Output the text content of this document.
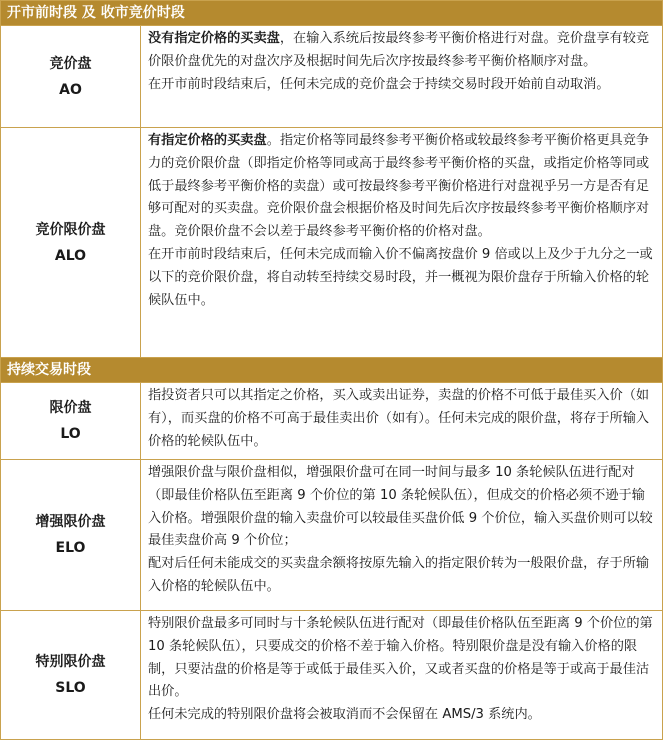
开市前时段 及 收市竞价时段
竞价盘
AO

没有指定价格的买卖盘，在输入系统后按最终参考平衡价格进行对盘。竞价盘享有较竞价限价盘优先的对盘次序及根据时间先后次序按最终参考平衡价格顺序对盘。

在开市前时段结束后，任何未完成的竞价盘会于持续交易时段开始前自动取消。

竞价限价盘
ALO

有指定价格的买卖盘。指定价格等同最终参考平衡价格或较最终参考平衡价格更具竞争力的竞价限价盘（即指定价格等同或高于最终参考平衡价格的买盘，或指定价格等同或低于最终参考平衡价格的卖盘）或可按最终参考平衡价格进行对盘视乎另一方是否有足够可配对的买卖盘。竞价限价盘会根据价格及时间先后次序按最终参考平衡价格顺序对盘。竞价限价盘不会以差于最终参考平衡价格的价格对盘。

在开市前时段结束后，任何未完成而输入价不偏离按盘价 9 倍或以上及少于九分之一或以下的竞价限价盘，将自动转至持续交易时段，并一概视为限价盘存于所输入价格的轮候队伍中。

持续交易时段
限价盘
LO

指投资者只可以其指定之价格，买入或卖出证券，卖盘的价格不可低于最佳买入价（如有），而买盘的价格不可高于最佳卖出价（如有）。任何未完成的限价盘，将存于所输入价格的轮候队伍中。

增强限价盘
ELO

增强限价盘与限价盘相似，增强限价盘可在同一时间与最多 10 条轮候队伍进行配对（即最佳价格队伍至距离 9 个价位的第 10 条轮候队伍），但成交的价格必须不逊于输入价格。增强限价盘的输入卖盘价可以较最佳买盘价低 9 个价位，输入买盘价则可以较最佳卖盘价高 9 个价位；

配对后任何未能成交的买卖盘余额将按原先输入的指定限价转为一般限价盘，存于所输入价格的轮候队伍中。

特别限价盘
SLO

特别限价盘最多可同时与十条轮候队伍进行配对（即最佳价格队伍至距离 9 个价位的第 10 条轮候队伍），只要成交的价格不差于输入价格。特别限价盘是没有输入价格的限制，只要沽盘的价格是等于或低于最佳买入价，又或者买盘的价格是等于或高于最佳沽出价。

任何未完成的特别限价盘将会被取消而不会保留在 AMS/3 系统内。
